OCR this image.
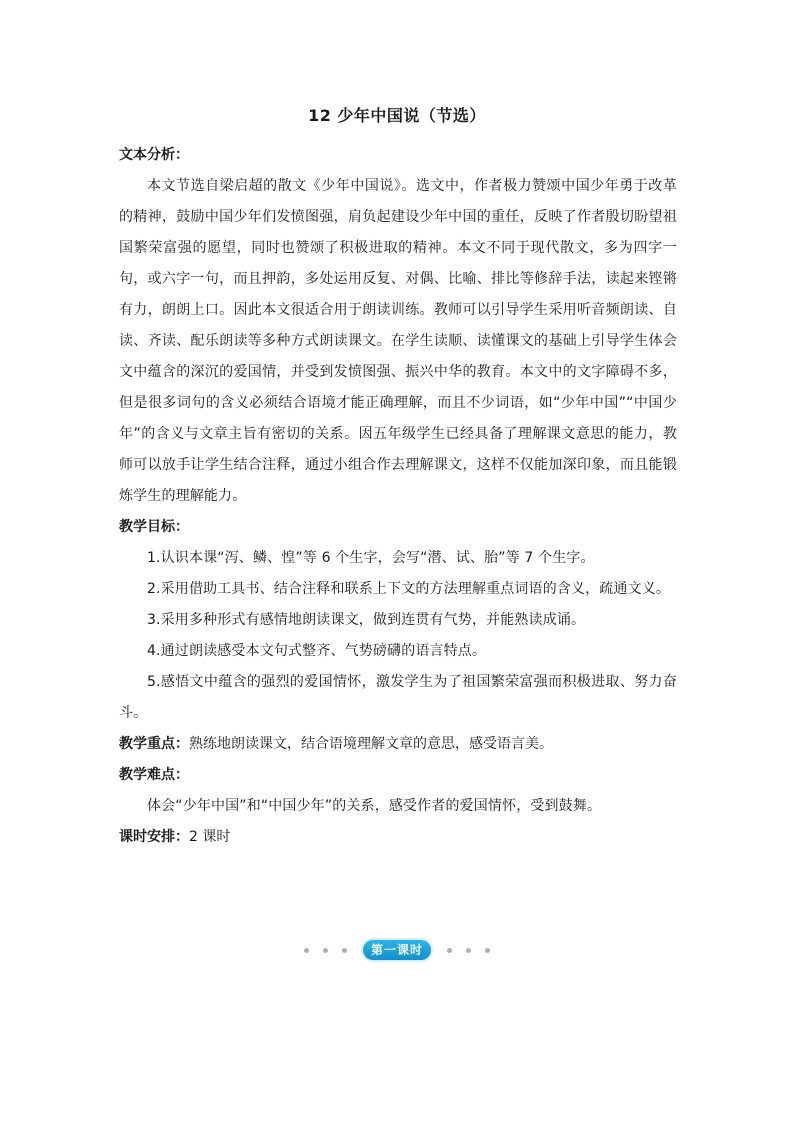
12 少年中国说（节选）

文本分析：

本文节选自梁启超的散文《少年中国说》。选文中，作者极力赞颂中国少年勇于改革的精神，鼓励中国少年们发愤图强，肩负起建设少年中国的重任，反映了作者殷切盼望祖国繁荣富强的愿望，同时也赞颂了积极进取的精神。本文不同于现代散文，多为四字一句，或六字一句，而且押韵，多处运用反复、对偶、比喻、排比等修辞手法，读起来铿锵有力，朗朗上口。因此本文很适合用于朗读训练。教师可以引导学生采用听音频朗读、自读、齐读、配乐朗读等多种方式朗读课文。在学生读顺、读懂课文的基础上引导学生体会文中蕴含的深沉的爱国情，并受到发愤图强、振兴中华的教育。本文中的文字障碍不多，但是很多词句的含义必须结合语境才能正确理解，而且不少词语，如“少年中国”“中国少年”的含义与文章主旨有密切的关系。因五年级学生已经具备了理解课文意思的能力，教师可以放手让学生结合注释，通过小组合作去理解课文，这样不仅能加深印象，而且能锻炼学生的理解能力。

教学目标：

1.认识本课“泻、鳞、惶”等 6 个生字，会写“潜、试、胎”等 7 个生字。

2.采用借助工具书、结合注释和联系上下文的方法理解重点词语的含义，疏通文义。

3.采用多种形式有感情地朗读课文，做到连贯有气势，并能熟读成诵。

4.通过朗读感受本文句式整齐、气势磅礴的语言特点。

5.感悟文中蕴含的强烈的爱国情怀，激发学生为了祖国繁荣富强而积极进取、努力奋斗。

教学重点：熟练地朗读课文，结合语境理解文章的意思，感受语言美。

教学难点：

体会“少年中国”和“中国少年”的关系，感受作者的爱国情怀，受到鼓舞。

课时安排：2 课时

第一课时
